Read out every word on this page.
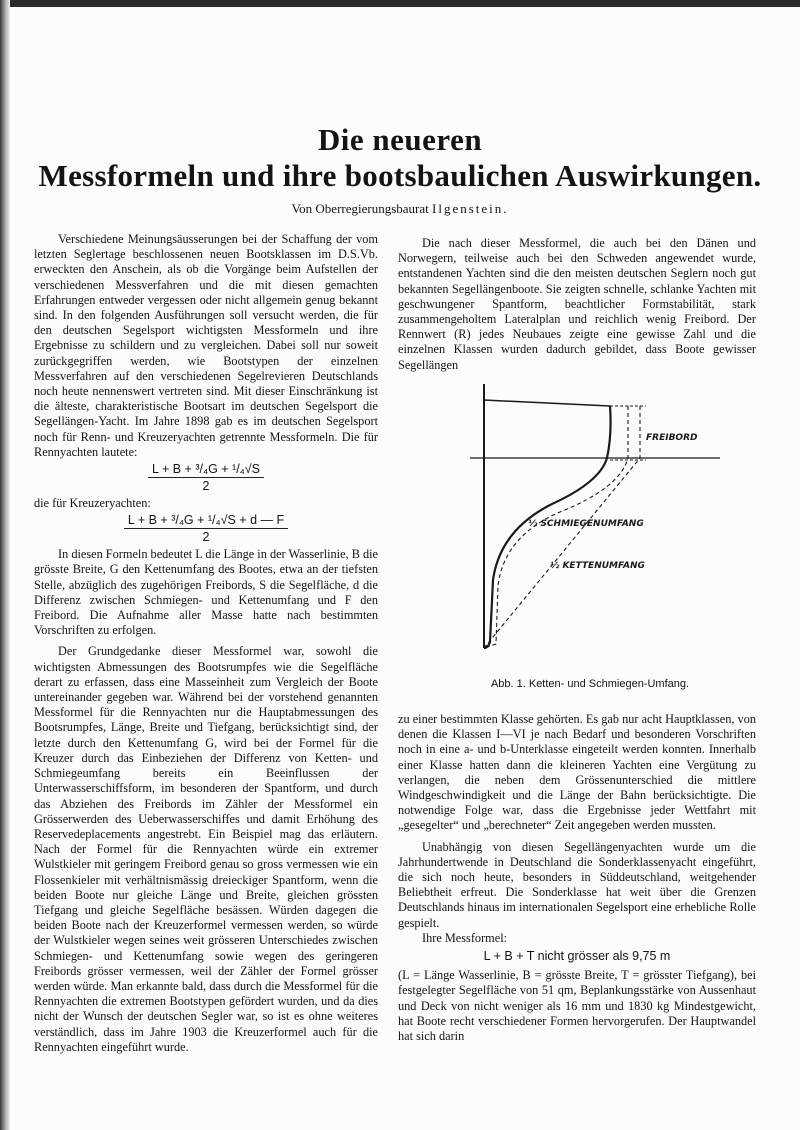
Die neueren
Messformeln und ihre bootsbaulichen Auswirkungen.
Von Oberregierungsbaurat Ilgenstein.

Verschiedene Meinungsäusserungen bei der Schaffung der vom letzten Seglertage beschlossenen neuen Bootsklassen im D.S.Vb. erweckten den Anschein, als ob die Vorgänge beim Aufstellen der verschiedenen Messverfahren und die mit diesen gemachten Erfahrungen entweder vergessen oder nicht allgemein genug bekannt sind. In den folgenden Ausführungen soll versucht werden, die für den deutschen Segelsport wichtigsten Messformeln und ihre Ergebnisse zu schildern und zu vergleichen. Dabei soll nur soweit zurückgegriffen werden, wie Bootstypen der einzelnen Messverfahren auf den verschiedenen Segelrevieren Deutschlands noch heute nennenswert vertreten sind. Mit dieser Einschränkung ist die älteste, charakteristische Bootsart im deutschen Segelsport die Segellängen-Yacht. Im Jahre 1898 gab es im deutschen Segelsport noch für Renn- und Kreuzeryachten getrennte Messformeln. Die für Rennyachten lautete:

L + B + ³/₄G + ¹/₄√S
2

die für Kreuzeryachten:

L + B + ³/₄G + ¹/₄√S + d — F
2

In diesen Formeln bedeutet L die Länge in der Wasserlinie, B die grösste Breite, G den Kettenumfang des Bootes, etwa an der tiefsten Stelle, abzüglich des zugehörigen Freibords, S die Segelfläche, d die Differenz zwischen Schmiegen- und Kettenumfang und F den Freibord. Die Aufnahme aller Masse hatte nach bestimmten Vorschriften zu erfolgen.

Der Grundgedanke dieser Messformel war, sowohl die wichtigsten Abmessungen des Bootsrumpfes wie die Segelfläche derart zu erfassen, dass eine Masseinheit zum Vergleich der Boote untereinander gegeben war. Während bei der vorstehend genannten Messformel für die Rennyachten nur die Hauptabmessungen des Bootsrumpfes, Länge, Breite und Tiefgang, berücksichtigt sind, der letzte durch den Kettenumfang G, wird bei der Formel für die Kreuzer durch das Einbeziehen der Differenz von Ketten- und Schmiegeumfang bereits ein Beeinflussen der Unterwasserschiffsform, im besonderen der Spantform, und durch das Abziehen des Freibords im Zähler der Messformel ein Grösserwerden des Ueberwasserschiffes und damit Erhöhung des Reservedeplacements angestrebt. Ein Beispiel mag das erläutern. Nach der Formel für die Rennyachten würde ein extremer Wulstkieler mit geringem Freibord genau so gross vermessen wie ein Flossenkieler mit verhältnismässig dreieckiger Spantform, wenn die beiden Boote nur gleiche Länge und Breite, gleichen grössten Tiefgang und gleiche Segelfläche besässen. Würden dagegen die beiden Boote nach der Kreuzerformel vermessen werden, so würde der Wulstkieler wegen seines weit grösseren Unterschiedes zwischen Schmiegen- und Kettenumfang sowie wegen des geringeren Freibords grösser vermessen, weil der Zähler der Formel grösser werden würde. Man erkannte bald, dass durch die Messformel für die Rennyachten die extremen Bootstypen gefördert wurden, und da dies nicht der Wunsch der deutschen Segler war, so ist es ohne weiteres verständlich, dass im Jahre 1903 die Kreuzerformel auch für die Rennyachten eingeführt wurde.

Die nach dieser Messformel, die auch bei den Dänen und Norwegern, teilweise auch bei den Schweden angewendet wurde, entstandenen Yachten sind die den meisten deutschen Seglern noch gut bekannten Segellängenboote. Sie zeigten schnelle, schlanke Yachten mit geschwungener Spantform, beachtlicher Formstabilität, stark zusammengeholtem Lateralplan und reichlich wenig Freibord. Der Rennwert (R) jedes Neubaues zeigte eine gewisse Zahl und die einzelnen Klassen wurden dadurch gebildet, dass Boote gewisser Segellängen

FREIBORD
½ SCHMIEGENUMFANG
½ KETTENUMFANG
Abb. 1. Ketten- und Schmiegen-Umfang.

zu einer bestimmten Klasse gehörten. Es gab nur acht Hauptklassen, von denen die Klassen I—VI je nach Bedarf und besonderen Vorschriften noch in eine a- und b-Unterklasse eingeteilt werden konnten. Innerhalb einer Klasse hatten dann die kleineren Yachten eine Vergütung zu verlangen, die neben dem Grössenunterschied die mittlere Windgeschwindigkeit und die Länge der Bahn berücksichtigte. Die notwendige Folge war, dass die Ergebnisse jeder Wettfahrt mit „gesegelter“ und „berechneter“ Zeit angegeben werden mussten.

Unabhängig von diesen Segellängenyachten wurde um die Jahrhundertwende in Deutschland die Sonderklassenyacht eingeführt, die sich noch heute, besonders in Süddeutschland, weitgehender Beliebtheit erfreut. Die Sonderklasse hat weit über die Grenzen Deutschlands hinaus im internationalen Segelsport eine erhebliche Rolle gespielt.

Ihre Messformel:

L + B + T nicht grösser als 9,75 m

(L = Länge Wasserlinie, B = grösste Breite, T = grösster Tiefgang), bei festgelegter Segelfläche von 51 qm, Beplankungsstärke von Aussenhaut und Deck von nicht weniger als 16 mm und 1830 kg Mindestgewicht, hat Boote recht verschiedener Formen hervorgerufen. Der Hauptwandel hat sich darin
